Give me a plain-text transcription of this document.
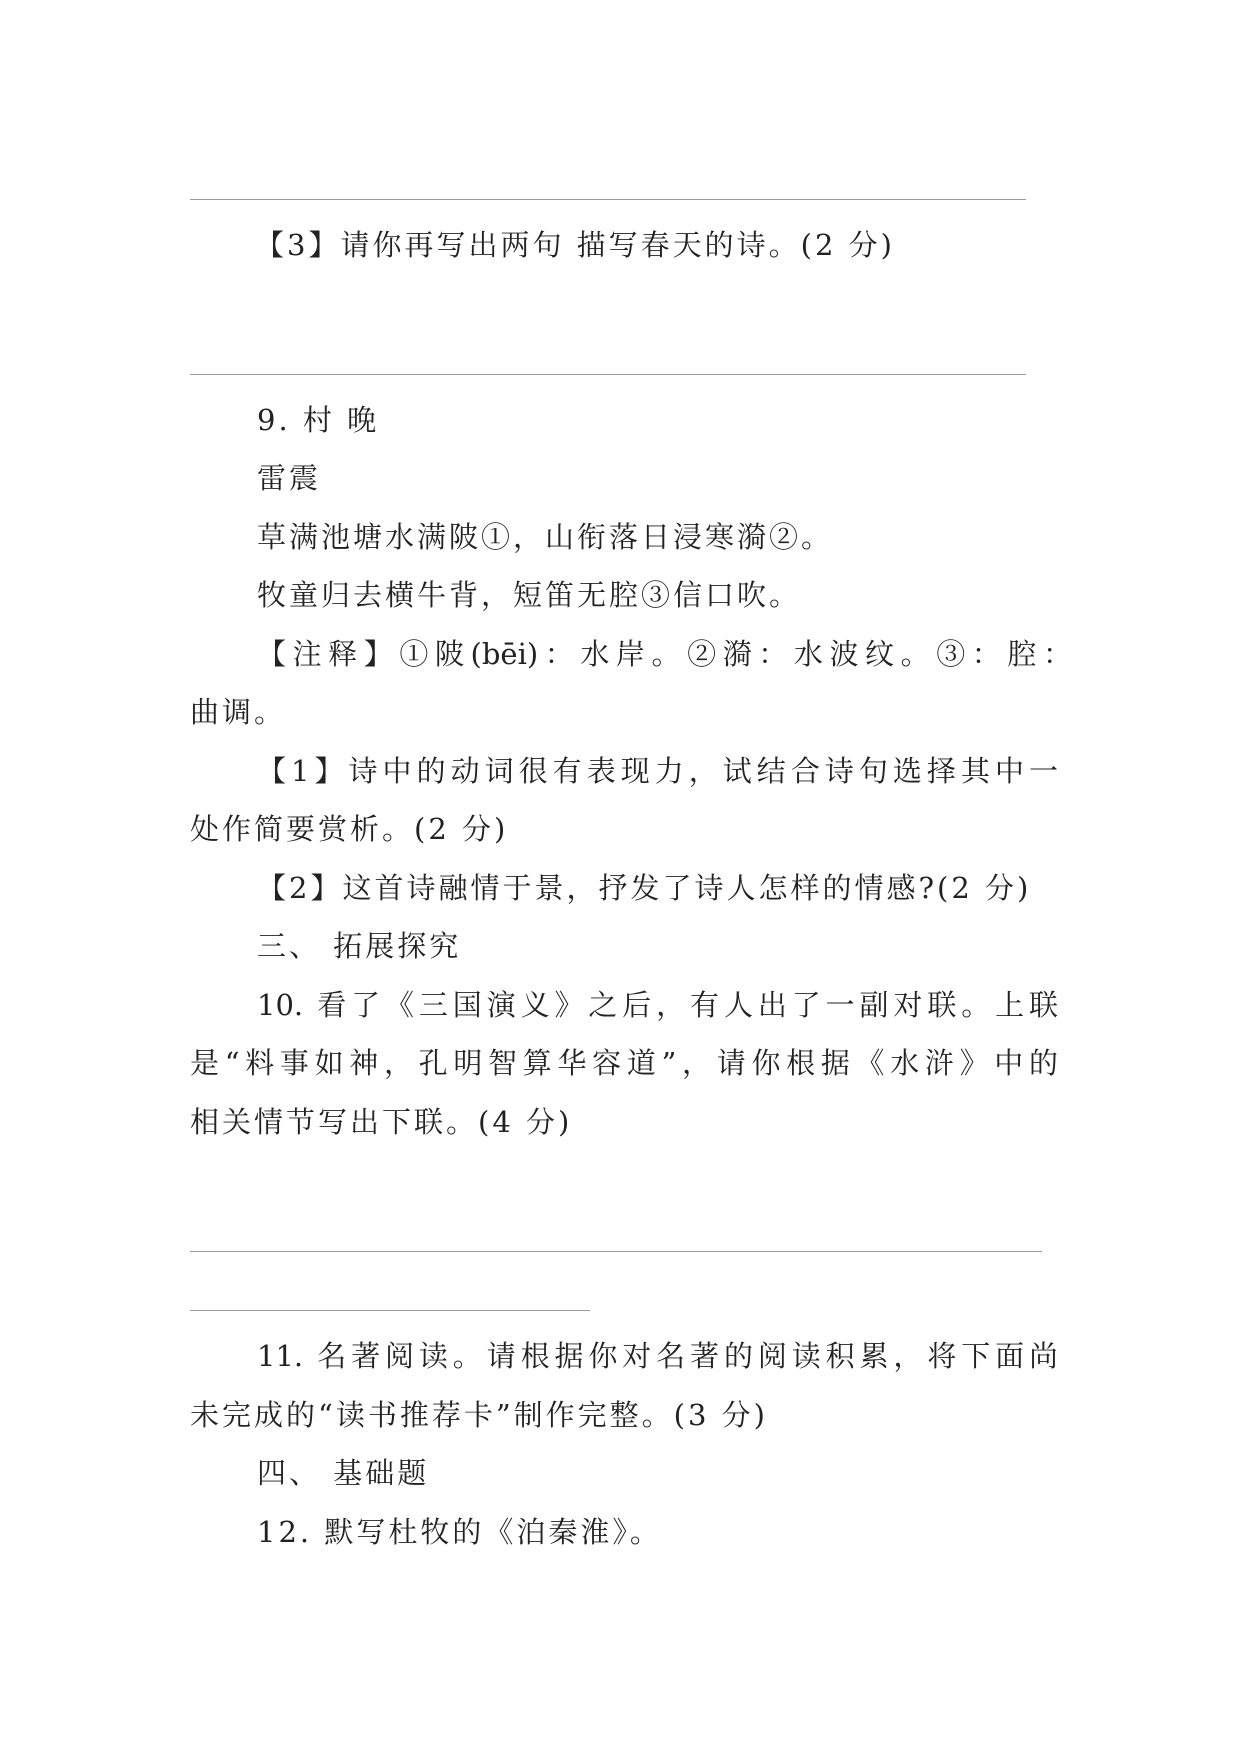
【3】请你再写出两句 描写春天的诗。(2 分)
9. 村 晚
雷震
草满池塘水满陂①，山衔落日浸寒漪②。
牧童归去横牛背，短笛无腔③信口吹。
【注释】①陂(bēi)：水岸。②漪：水波纹。③：腔：
曲调。
【1】诗中的动词很有表现力，试结合诗句选择其中一
处作简要赏析。(2 分)
【2】这首诗融情于景，抒发了诗人怎样的情感?(2 分)
三、 拓展探究
10. 看了《三国演义》之后，有人出了一副对联。上联
是“料事如神，孔明智算华容道”，请你根据《水浒》中的
相关情节写出下联。(4 分)
11. 名著阅读。请根据你对名著的阅读积累，将下面尚
未完成的“读书推荐卡”制作完整。(3 分)
四、 基础题
12. 默写杜牧的《泊秦淮》。
